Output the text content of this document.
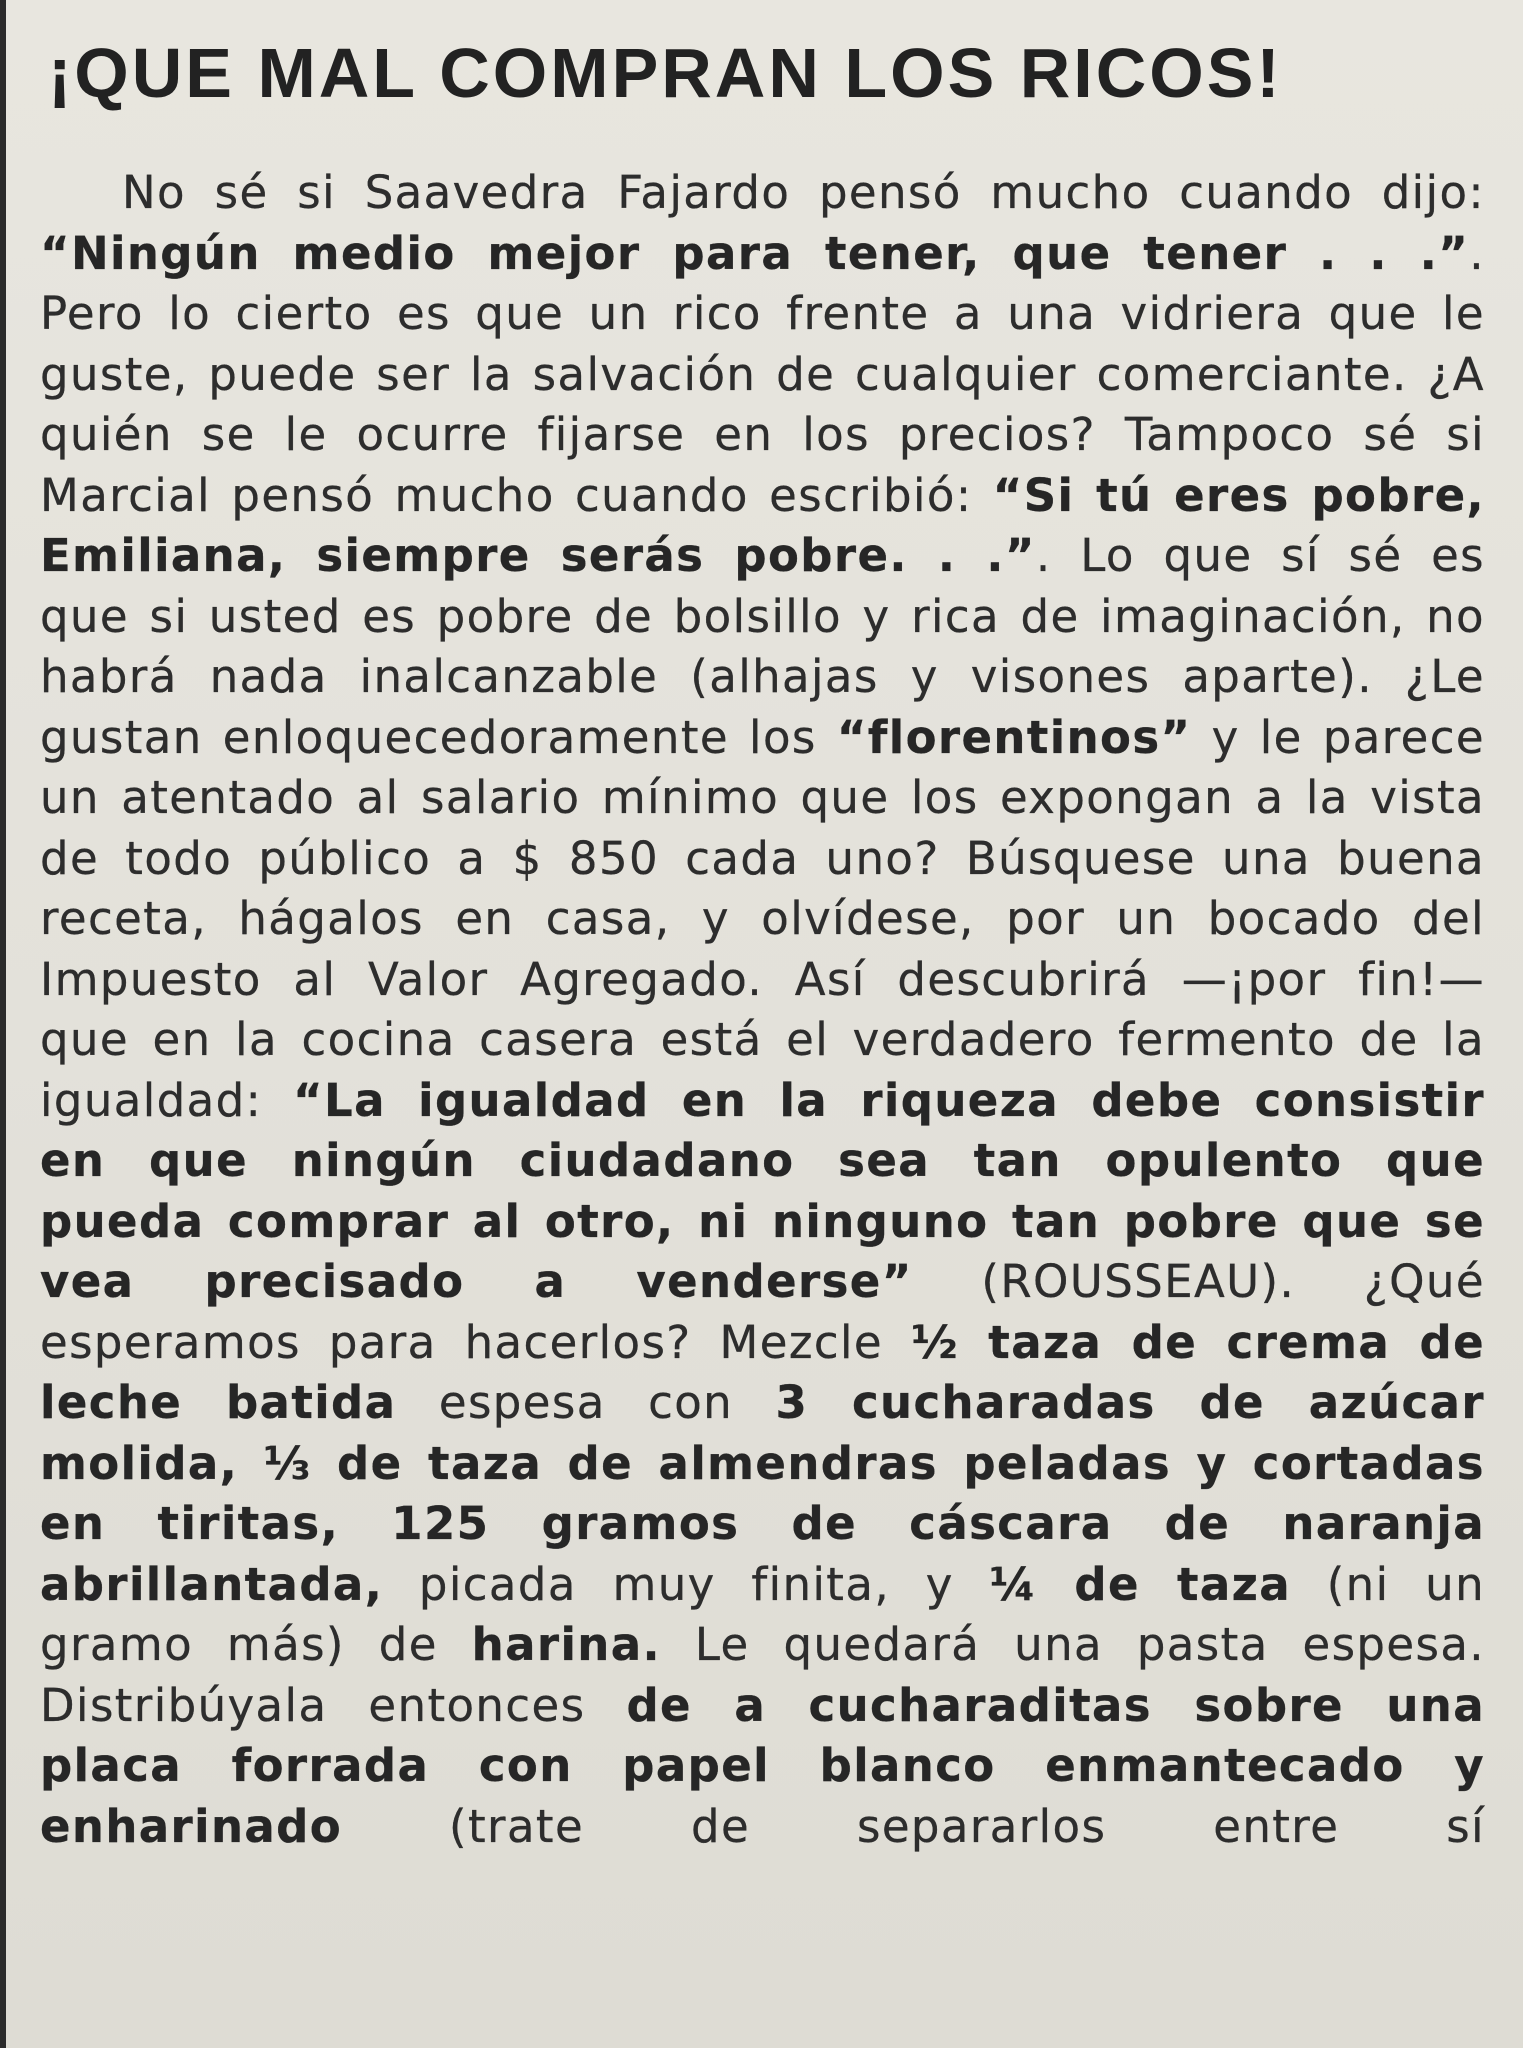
¡QUE MAL COMPRAN LOS RICOS!

No sé si Saavedra Fajardo pensó mucho cuando dijo: “Ningún medio mejor para tener, que tener . . .”. Pero lo cierto es que un rico frente a una vidriera que le guste, puede ser la salvación de cualquier comerciante. ¿A quién se le ocurre fijarse en los precios? Tampoco sé si Marcial pensó mucho cuando escribió: “Si tú eres pobre, Emiliana, siempre serás pobre. . .”. Lo que sí sé es que si usted es pobre de bolsillo y rica de imaginación, no habrá nada inalcanzable (alhajas y visones aparte). ¿Le gustan enloquecedoramente los “florentinos” y le parece un atentado al salario mínimo que los expongan a la vista de todo público a $ 850 cada uno? Búsquese una buena receta, hágalos en casa, y olvídese, por un bocado del Impuesto al Valor Agregado. Así descubrirá —¡por fin!— que en la cocina casera está el verdadero fermento de la igualdad: “La igualdad en la riqueza debe consistir en que ningún ciudadano sea tan opulento que pueda comprar al otro, ni ninguno tan pobre que se vea precisado a venderse” (ROUSSEAU). ¿Qué esperamos para hacerlos? Mezcle ½ taza de crema de leche batida espesa con 3 cucharadas de azúcar molida, ⅓ de taza de almendras peladas y cortadas en tiritas, 125 gramos de cáscara de naranja abrillantada, picada muy finita, y ¼ de taza (ni un gramo más) de harina. Le quedará una pasta espesa. Distribúyala entonces de a cucharaditas sobre una placa forrada con papel blanco enmantecado y enharinado (trate de separarlos entre sí
